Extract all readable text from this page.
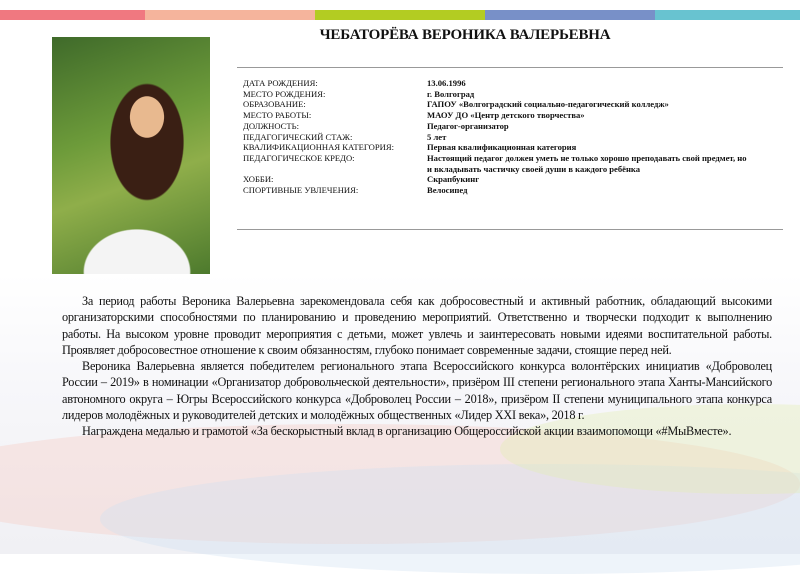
ЧЕБАТОРЁВА ВЕРОНИКА ВАЛЕРЬЕВНА
ДАТА РОЖДЕНИЯ:	13.06.1996
МЕСТО РОЖДЕНИЯ:	г. Волгоград
ОБРАЗОВАНИЕ:	ГАПОУ «Волгоградский социально-педагогический колледж»
МЕСТО РАБОТЫ:	МАОУ ДО «Центр детского творчества»
ДОЛЖНОСТЬ:	Педагог-организатор
ПЕДАГОГИЧЕСКИЙ СТАЖ:	5 лет
КВАЛИФИКАЦИОННАЯ КАТЕГОРИЯ:	Первая квалификационная категория
ПЕДАГОГИЧЕСКОЕ КРЕДО:	Настоящий педагог должен уметь не только хорошо преподавать свой предмет, но и вкладывать частичку своей души в каждого ребёнка
ХОББИ:	Скрапбукинг
СПОРТИВНЫЕ УВЛЕЧЕНИЯ:	Велосипед

За период работы Вероника Валерьевна зарекомендовала себя как добросовестный и активный работник, обладающий высокими организаторскими способностями по планированию и проведению мероприятий. Ответственно и творчески подходит к выполнению работы. На высоком уровне проводит мероприятия с детьми, может увлечь и заинтересовать новыми идеями воспитательной работы. Проявляет добросовестное отношение к своим обязанностям, глубоко понимает современные задачи, стоящие перед ней.

Вероника Валерьевна является победителем регионального этапа Всероссийского конкурса волонтёрских инициатив «Доброволец России – 2019» в номинации «Организатор добровольческой деятельности», призёром III степени регионального этапа Ханты-Мансийского автономного округа – Югры Всероссийского конкурса «Доброволец России – 2018», призёром II степени муниципального этапа конкурса лидеров молодёжных и руководителей детских и молодёжных общественных «Лидер XXI века», 2018 г.

Награждена медалью и грамотой «За бескорыстный вклад в организацию Общероссийской акции взаимопомощи «#МыВместе».
